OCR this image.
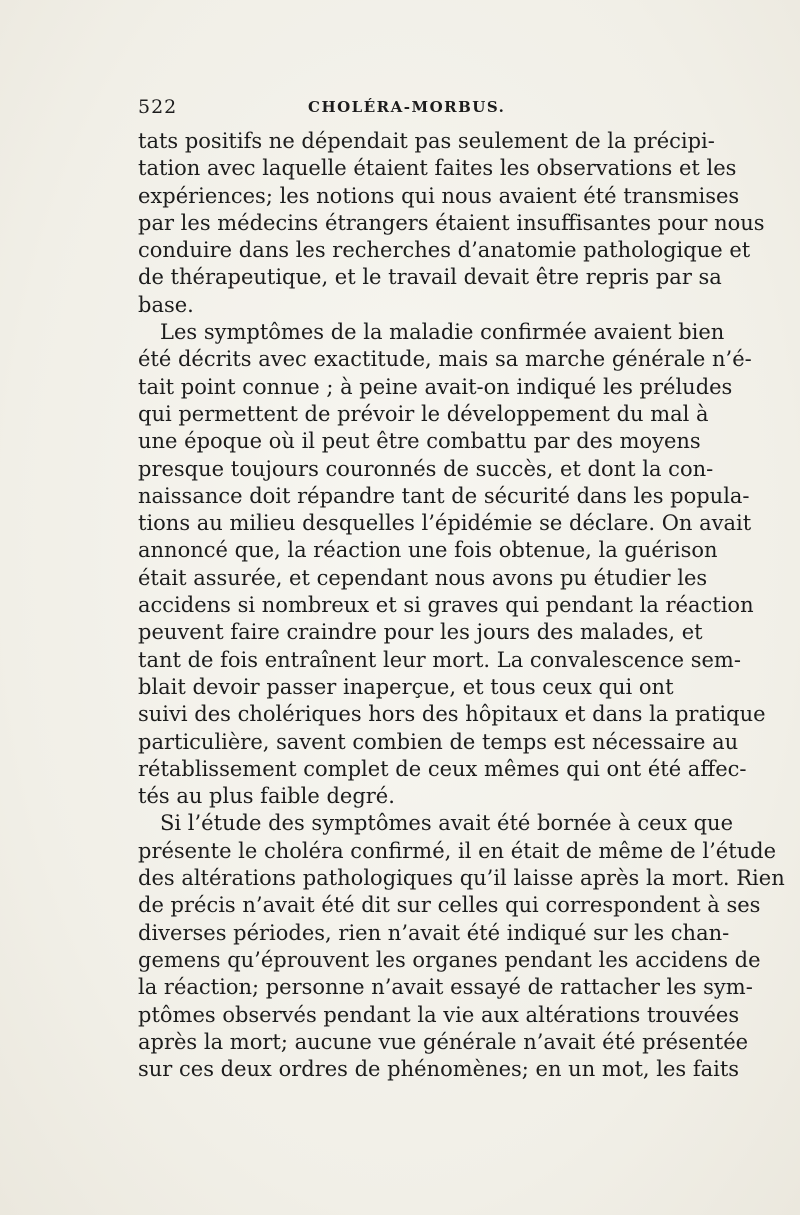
522	CHOLÉRA-MORBUS.
tats positifs ne dépendait pas seulement de la précipi-
tation avec laquelle étaient faites les observations et les
expériences; les notions qui nous avaient été transmises
par les médecins étrangers étaient insuffisantes pour nous
conduire dans les recherches d’anatomie pathologique et
de thérapeutique, et le travail devait être repris par sa
base.
Les symptômes de la maladie confirmée avaient bien
été décrits avec exactitude, mais sa marche générale n’é-
tait point connue ; à peine avait-on indiqué les préludes
qui permettent de prévoir le développement du mal à
une époque où il peut être combattu par des moyens
presque toujours couronnés de succès, et dont la con-
naissance doit répandre tant de sécurité dans les popula-
tions au milieu desquelles l’épidémie se déclare. On avait
annoncé que, la réaction une fois obtenue, la guérison
était assurée, et cependant nous avons pu étudier les
accidens si nombreux et si graves qui pendant la réaction
peuvent faire craindre pour les jours des malades, et
tant de fois entraînent leur mort. La convalescence sem-
blait devoir passer inaperçue, et tous ceux qui ont
suivi des cholériques hors des hôpitaux et dans la pratique
particulière, savent combien de temps est nécessaire au
rétablissement complet de ceux mêmes qui ont été affec-
tés au plus faible degré.
Si l’étude des symptômes avait été bornée à ceux que
présente le choléra confirmé, il en était de même de l’étude
des altérations pathologiques qu’il laisse après la mort. Rien
de précis n’avait été dit sur celles qui correspondent à ses
diverses périodes, rien n’avait été indiqué sur les chan-
gemens qu’éprouvent les organes pendant les accidens de
la réaction; personne n’avait essayé de rattacher les sym-
ptômes observés pendant la vie aux altérations trouvées
après la mort; aucune vue générale n’avait été présentée
sur ces deux ordres de phénomènes; en un mot, les faits
